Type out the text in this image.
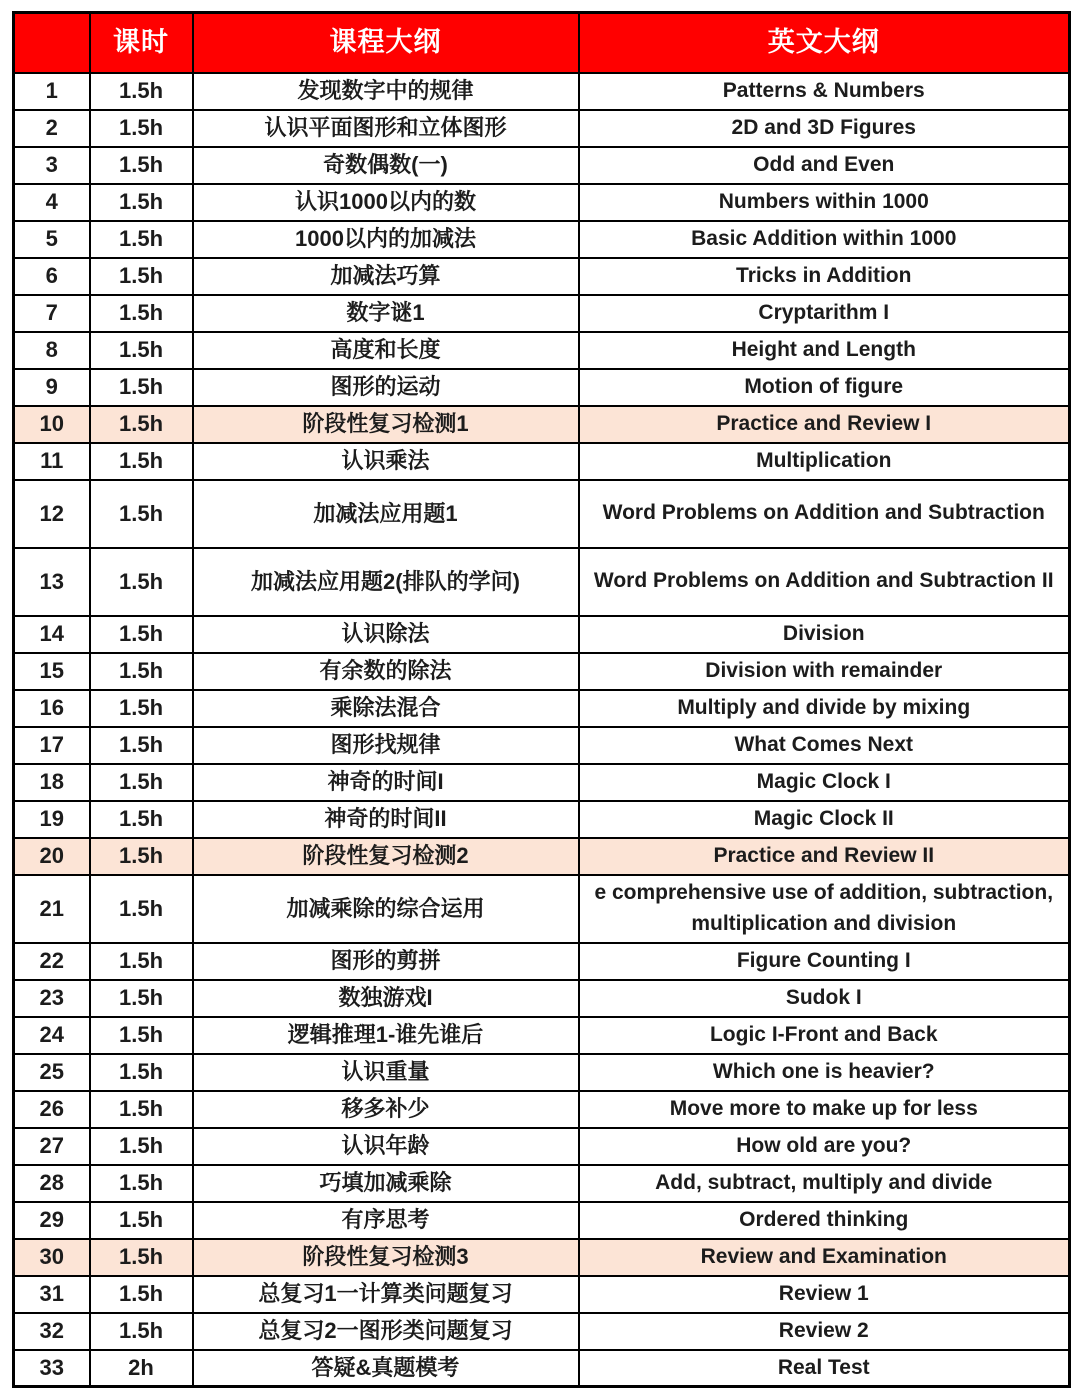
	课时	课程大纲	英文大纲
1	1.5h	发现数字中的规律	Patterns & Numbers
2	1.5h	认识平面图形和立体图形	2D and 3D Figures
3	1.5h	奇数偶数(一)	Odd and Even
4	1.5h	认识1000以内的数	Numbers within 1000
5	1.5h	1000以内的加减法	Basic Addition within 1000
6	1.5h	加减法巧算	Tricks in Addition
7	1.5h	数字谜1	Cryptarithm I
8	1.5h	高度和长度	Height and Length
9	1.5h	图形的运动	Motion of figure
10	1.5h	阶段性复习检测1	Practice and Review I
11	1.5h	认识乘法	Multiplication
12	1.5h	加减法应用题1	Word Problems on Addition and Subtraction
13	1.5h	加减法应用题2(排队的学问)	Word Problems on Addition and Subtraction II
14	1.5h	认识除法	Division
15	1.5h	有余数的除法	Division with remainder
16	1.5h	乘除法混合	Multiply and divide by mixing
17	1.5h	图形找规律	What Comes Next
18	1.5h	神奇的时间I	Magic Clock I
19	1.5h	神奇的时间II	Magic Clock II
20	1.5h	阶段性复习检测2	Practice and Review II
21	1.5h	加减乘除的综合运用	e comprehensive use of addition, subtraction, multiplication and division
22	1.5h	图形的剪拼	Figure Counting I
23	1.5h	数独游戏I	Sudok I
24	1.5h	逻辑推理1-谁先谁后	Logic I-Front and Back
25	1.5h	认识重量	Which one is heavier?
26	1.5h	移多补少	Move more to make up for less
27	1.5h	认识年龄	How old are you?
28	1.5h	巧填加减乘除	Add, subtract, multiply and divide
29	1.5h	有序思考	Ordered thinking
30	1.5h	阶段性复习检测3	Review and Examination
31	1.5h	总复习1一计算类问题复习	Review 1
32	1.5h	总复习2一图形类问题复习	Review 2
33	2h	答疑&真题模考	Real Test
